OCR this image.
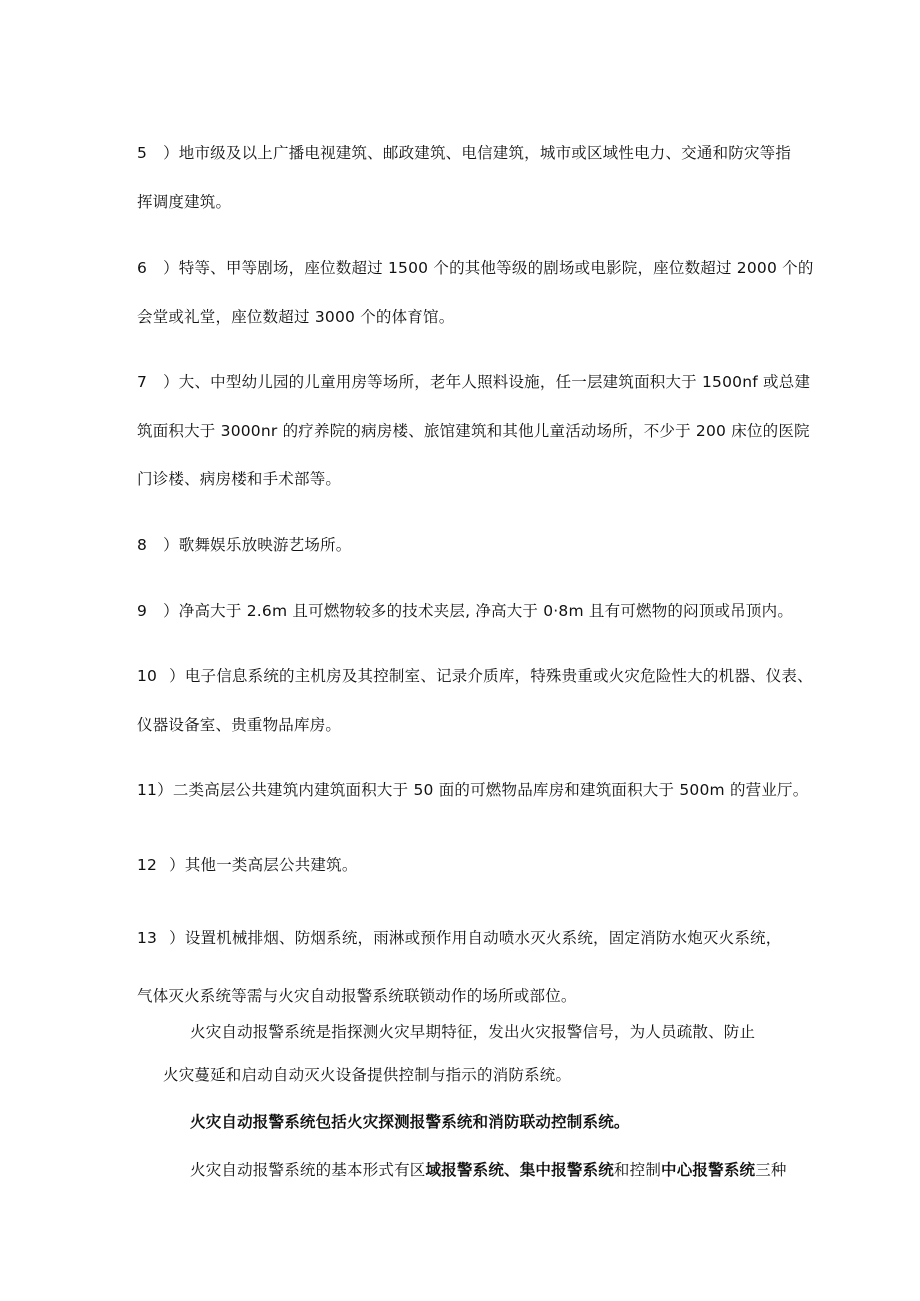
5 ）地市级及以上广播电视建筑、邮政建筑、电信建筑，城市或区域性电力、交通和防灾等指
挥调度建筑。
6 ）特等、甲等剧场，座位数超过 1500 个的其他等级的剧场或电影院，座位数超过 2000 个的
会堂或礼堂，座位数超过 3000 个的体育馆。
7 ）大、中型幼儿园的儿童用房等场所，老年人照料设施，任一层建筑面积大于 1500nf 或总建
筑面积大于 3000nr 的疗养院的病房楼、旅馆建筑和其他儿童活动场所，不少于 200 床位的医院
门诊楼、病房楼和手术部等。
8 ）歌舞娱乐放映游艺场所。
9 ）净高大于 2.6m 且可燃物较多的技术夹层, 净高大于 0·8m 且有可燃物的闷顶或吊顶内。
10 ）电子信息系统的主机房及其控制室、记录介质库，特殊贵重或火灾危险性大的机器、仪表、
仪器设备室、贵重物品库房。
11）二类高层公共建筑内建筑面积大于 50 面的可燃物品库房和建筑面积大于 500m 的营业厅。
12 ）其他一类高层公共建筑。
13 ）设置机械排烟、防烟系统，雨淋或预作用自动喷水灭火系统，固定消防水炮灭火系统，
气体灭火系统等需与火灾自动报警系统联锁动作的场所或部位。
火灾自动报警系统是指探测火灾早期特征，发出火灾报警信号，为人员疏散、防止
火灾蔓延和启动自动灭火设备提供控制与指示的消防系统。
火灾自动报警系统包括火灾探测报警系统和消防联动控制系统。
火灾自动报警系统的基本形式有区域报警系统、集中报警系统和控制中心报警系统三种
